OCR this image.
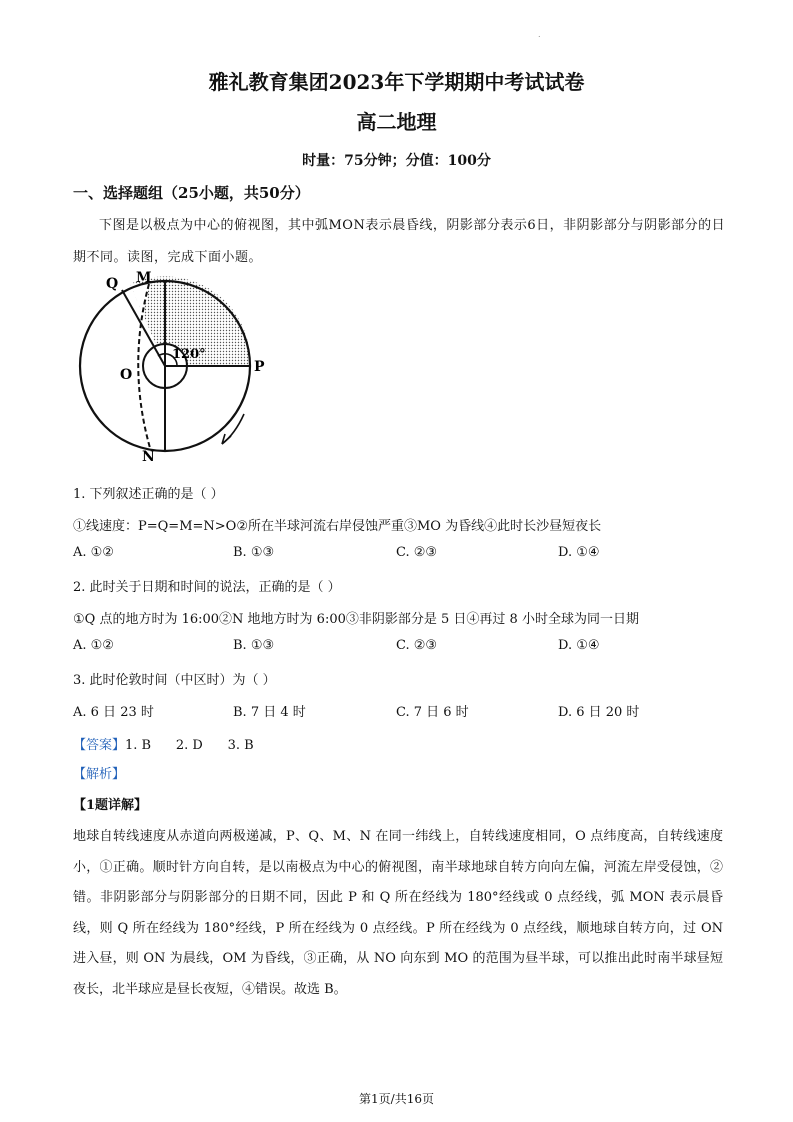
.
雅礼教育集团2023年下学期期中考试试卷
高二地理
时量：75分钟；分值：100分
一、选择题组（25小题，共50分）
下图是以极点为中心的俯视图，其中弧MON表示晨昏线，阴影部分表示6日，非阴影部分与阴影部分的日期不同。读图，完成下面小题。
Q M
O	P
N
120°
1. 下列叙述正确的是（ ）
①线速度：P=Q=M=N>O②所在半球河流右岸侵蚀严重③MO 为昏线④此时长沙昼短夜长
A. ①②	B. ①③	C. ②③	D. ①④
2. 此时关于日期和时间的说法，正确的是（ ）
①Q 点的地方时为 16:00②N 地地方时为 6:00③非阴影部分是 5 日④再过 8 小时全球为同一日期
A. ①②	B. ①③	C. ②③	D. ①④
3. 此时伦敦时间（中区时）为（ ）
A. 6 日 23 时	B. 7 日 4 时	C. 7 日 6 时	D. 6 日 20 时
【答案】1. B      2. D      3. B
【解析】
【1题详解】
地球自转线速度从赤道向两极递减，P、Q、M、N 在同一纬线上，自转线速度相同，O 点纬度高，自转线速度小，①正确。顺时针方向自转，是以南极点为中心的俯视图，南半球地球自转方向向左偏，河流左岸受侵蚀，②错。非阴影部分与阴影部分的日期不同，因此 P 和 Q 所在经线为 180°经线或 0 点经线，弧 MON 表示晨昏线，则 Q 所在经线为 180°经线，P 所在经线为 0 点经线。P 所在经线为 0 点经线，顺地球自转方向，过 ON 进入昼，则 ON 为晨线，OM 为昏线，③正确，从 NO 向东到 MO 的范围为昼半球，可以推出此时南半球昼短夜长，北半球应是昼长夜短，④错误。故选 B。
第1页/共16页
